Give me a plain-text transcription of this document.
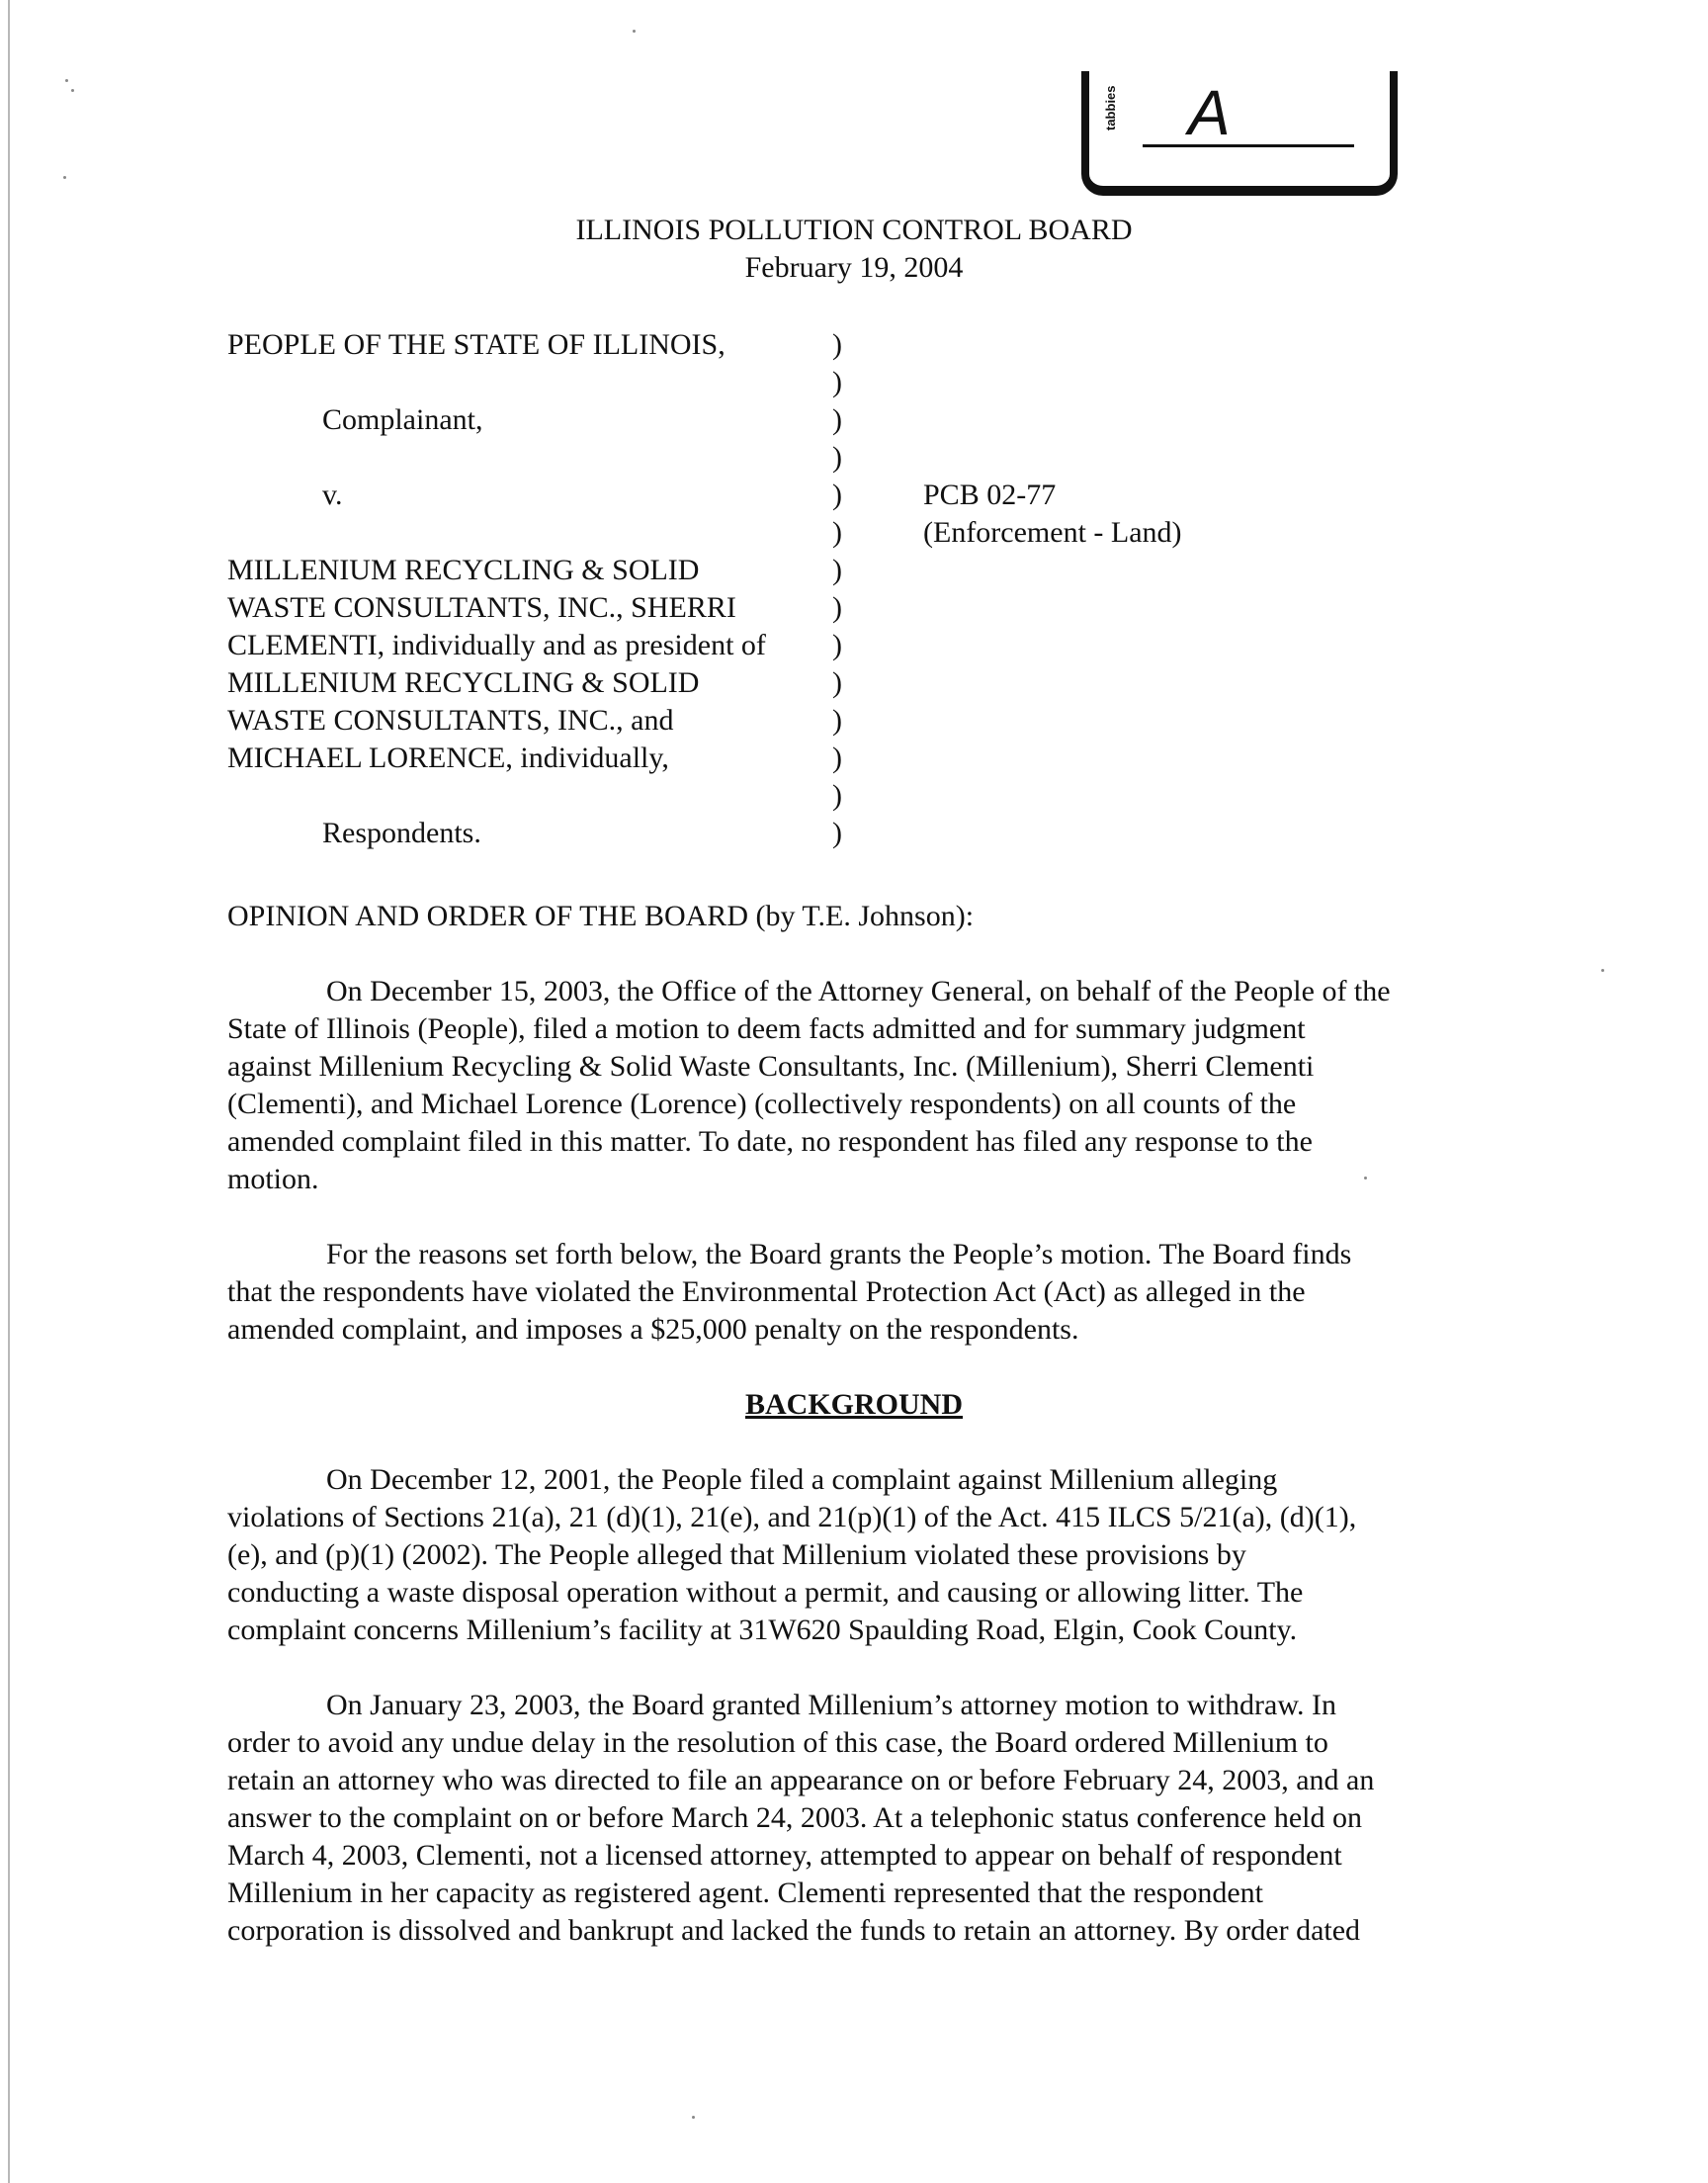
tabbies A
ILLINOIS POLLUTION CONTROL BOARD
February 19, 2004
PEOPLE OF THE STATE OF ILLINOIS,
Complainant,
v.
MILLENIUM RECYCLING & SOLID
WASTE CONSULTANTS, INC., SHERRI
CLEMENTI, individually and as president of
MILLENIUM RECYCLING & SOLID
WASTE CONSULTANTS, INC., and
MICHAEL LORENCE, individually,
Respondents.
)
)
)
)
)
)
)
)
)
)
)
)
)
)
PCB 02-77
(Enforcement - Land)
OPINION AND ORDER OF THE BOARD (by T.E. Johnson):
On December 15, 2003, the Office of the Attorney General, on behalf of the People of the
State of Illinois (People), filed a motion to deem facts admitted and for summary judgment
against Millenium Recycling & Solid Waste Consultants, Inc. (Millenium), Sherri Clementi
(Clementi), and Michael Lorence (Lorence) (collectively respondents) on all counts of the
amended complaint filed in this matter. To date, no respondent has filed any response to the
motion.
For the reasons set forth below, the Board grants the People’s motion. The Board finds
that the respondents have violated the Environmental Protection Act (Act) as alleged in the
amended complaint, and imposes a $25,000 penalty on the respondents.
BACKGROUND
On December 12, 2001, the People filed a complaint against Millenium alleging
violations of Sections 21(a), 21 (d)(1), 21(e), and 21(p)(1) of the Act. 415 ILCS 5/21(a), (d)(1),
(e), and (p)(1) (2002). The People alleged that Millenium violated these provisions by
conducting a waste disposal operation without a permit, and causing or allowing litter. The
complaint concerns Millenium’s facility at 31W620 Spaulding Road, Elgin, Cook County.
On January 23, 2003, the Board granted Millenium’s attorney motion to withdraw. In
order to avoid any undue delay in the resolution of this case, the Board ordered Millenium to
retain an attorney who was directed to file an appearance on or before February 24, 2003, and an
answer to the complaint on or before March 24, 2003. At a telephonic status conference held on
March 4, 2003, Clementi, not a licensed attorney, attempted to appear on behalf of respondent
Millenium in her capacity as registered agent. Clementi represented that the respondent
corporation is dissolved and bankrupt and lacked the funds to retain an attorney. By order dated
